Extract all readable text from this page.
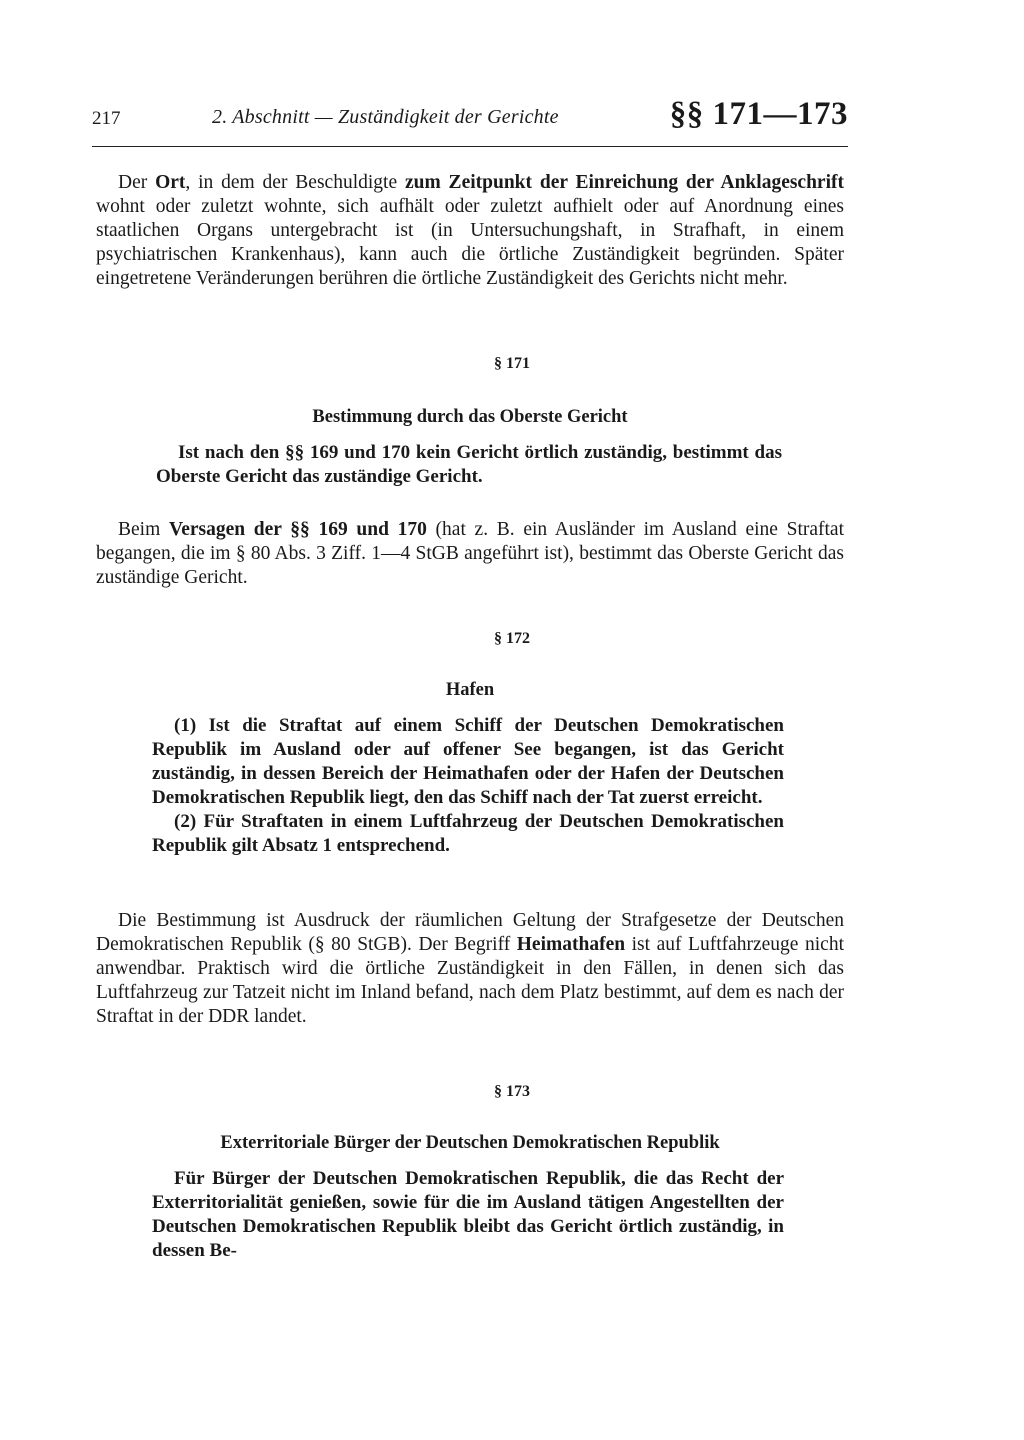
217	2. Abschnitt — Zuständigkeit der Gerichte	§§ 171—173
Der Ort, in dem der Beschuldigte zum Zeitpunkt der Einreichung der Anklageschrift wohnt oder zuletzt wohnte, sich aufhält oder zuletzt aufhielt oder auf Anordnung eines staatlichen Organs untergebracht ist (in Untersuchungshaft, in Strafhaft, in einem psychiatrischen Krankenhaus), kann auch die örtliche Zuständigkeit begründen. Später eingetretene Veränderungen berühren die örtliche Zuständigkeit des Gerichts nicht mehr.
§ 171
Bestimmung durch das Oberste Gericht

Ist nach den §§ 169 und 170 kein Gericht örtlich zuständig, bestimmt das Oberste Gericht das zuständige Gericht.

Beim Versagen der §§ 169 und 170 (hat z. B. ein Ausländer im Ausland eine Straftat begangen, die im § 80 Abs. 3 Ziff. 1—4 StGB angeführt ist), bestimmt das Oberste Gericht das zuständige Gericht.
§ 172
Hafen

(1) Ist die Straftat auf einem Schiff der Deutschen Demokratischen Republik im Ausland oder auf offener See begangen, ist das Gericht zuständig, in dessen Bereich der Heimathafen oder der Hafen der Deutschen Demokratischen Republik liegt, den das Schiff nach der Tat zuerst erreicht.

(2) Für Straftaten in einem Luftfahrzeug der Deutschen Demokratischen Republik gilt Absatz 1 entsprechend.

Die Bestimmung ist Ausdruck der räumlichen Geltung der Strafgesetze der Deutschen Demokratischen Republik (§ 80 StGB). Der Begriff Heimathafen ist auf Luftfahrzeuge nicht anwendbar. Praktisch wird die örtliche Zuständigkeit in den Fällen, in denen sich das Luftfahrzeug zur Tatzeit nicht im Inland befand, nach dem Platz bestimmt, auf dem es nach der Straftat in der DDR landet.
§ 173
Exterritoriale Bürger der Deutschen Demokratischen Republik

Für Bürger der Deutschen Demokratischen Republik, die das Recht der Exterritorialität genießen, sowie für die im Ausland tätigen Angestellten der Deutschen Demokratischen Republik bleibt das Gericht örtlich zuständig, in dessen Be-
